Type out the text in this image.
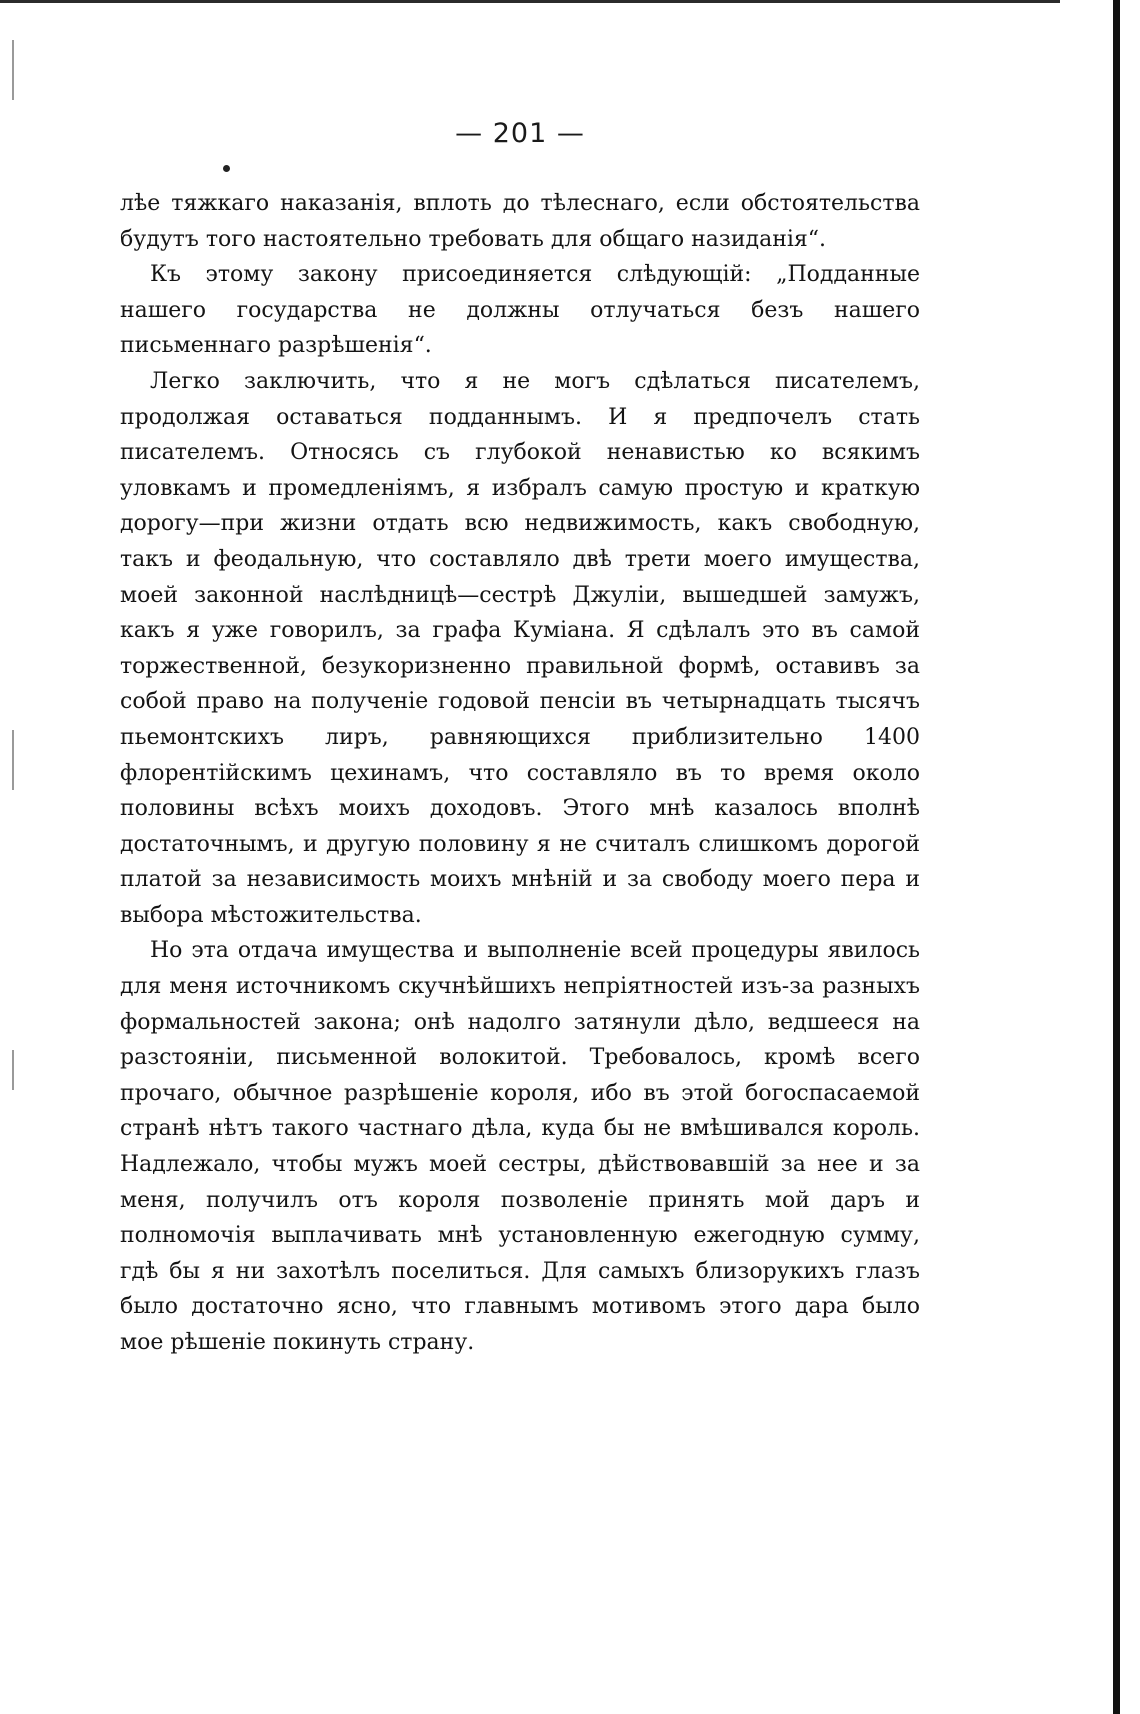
— 201 —

лѣе тяжкаго наказанія, вплоть до тѣлеснаго, если обстоятельства будутъ того настоятельно требовать для общаго назиданія“.

Къ этому закону присоединяется слѣдующій: „Подданные нашего государства не должны отлучаться безъ нашего письменнаго разрѣшенія“.

Легко заключить, что я не могъ сдѣлаться писателемъ, продолжая оставаться подданнымъ. И я предпочелъ стать писателемъ. Относясь съ глубокой ненавистью ко всякимъ уловкамъ и промедленіямъ, я избралъ самую простую и краткую дорогу—при жизни отдать всю недвижимость, какъ свободную, такъ и феодальную, что составляло двѣ трети моего имущества, моей законной наслѣдницѣ—сестрѣ Джуліи, вышедшей замужъ, какъ я уже говорилъ, за графа Куміана. Я сдѣлалъ это въ самой торжественной, безукоризненно правильной формѣ, оставивъ за собой право на полученіе годовой пенсіи въ четырнадцать тысячъ пьемонтскихъ лиръ, равняющихся приблизительно 1400 флорентійскимъ цехинамъ, что составляло въ то время около половины всѣхъ моихъ доходовъ. Этого мнѣ казалось вполнѣ достаточнымъ, и другую половину я не считалъ слишкомъ дорогой платой за независимость моихъ мнѣній и за свободу моего пера и выбора мѣстожительства.

Но эта отдача имущества и выполненіе всей процедуры явилось для меня источникомъ скучнѣйшихъ непріятностей изъ-за разныхъ формальностей закона; онѣ надолго затянули дѣло, ведшееся на разстояніи, письменной волокитой. Требовалось, кромѣ всего прочаго, обычное разрѣшеніе короля, ибо въ этой богоспасаемой странѣ нѣтъ такого частнаго дѣла, куда бы не вмѣшивался король. Надлежало, чтобы мужъ моей сестры, дѣйствовавшій за нее и за меня, получилъ отъ короля позволеніе принять мой даръ и полномочія выплачивать мнѣ установленную ежегодную сумму, гдѣ бы я ни захотѣлъ поселиться. Для самыхъ близорукихъ глазъ было достаточно ясно, что главнымъ мотивомъ этого дара было мое рѣшеніе покинуть страну.
